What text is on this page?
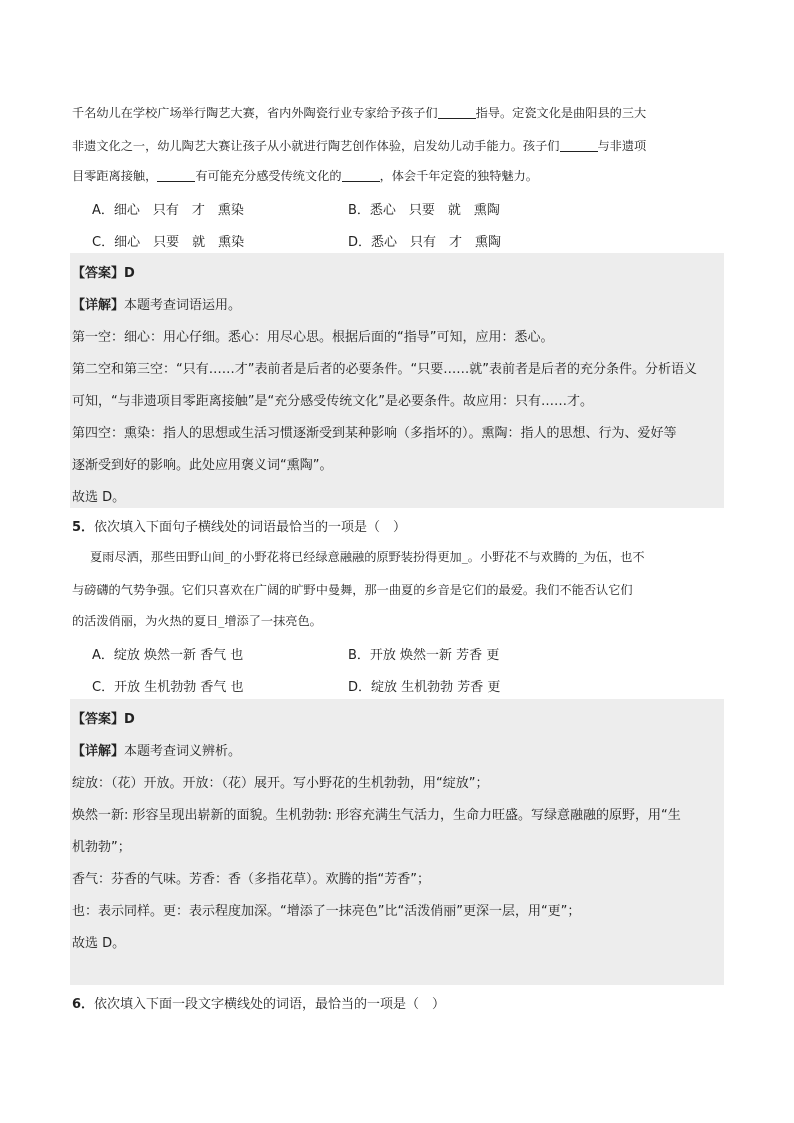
千名幼儿在学校广场举行陶艺大赛，省内外陶瓷行业专家给予孩子们	指导。定瓷文化是曲阳县的三大
非遗文化之一，幼儿陶艺大赛让孩子从小就进行陶艺创作体验，启发幼儿动手能力。孩子们	与非遗项
目零距离接触，	有可能充分感受传统文化的	，体会千年定瓷的独特魅力。
A．细心　只有　才　熏染	B．悉心　只要　就　熏陶
C．细心　只要　就　熏染	D．悉心　只有　才　熏陶
【答案】D
【详解】本题考查词语运用。
第一空：细心：用心仔细。悉心：用尽心思。根据后面的“指导”可知，应用：悉心。
第二空和第三空：“只有……才”表前者是后者的必要条件。“只要……就”表前者是后者的充分条件。分析语义
可知，“与非遗项目零距离接触”是“充分感受传统文化”是必要条件。故应用：只有……才。
第四空：熏染：指人的思想或生活习惯逐渐受到某种影响（多指坏的）。熏陶：指人的思想、行为、爱好等
逐渐受到好的影响。此处应用褒义词“熏陶”。
故选 D。
5．依次填入下面句子横线处的词语最恰当的一项是（　）
夏雨尽洒，那些田野山间_的小野花将已经绿意融融的原野装扮得更加_。小野花不与欢腾的_为伍，也不
与磅礴的气势争强。它们只喜欢在广阔的旷野中曼舞，那一曲夏的乡音是它们的最爱。我们不能否认它们
的活泼俏丽，为火热的夏日_增添了一抹亮色。
A．绽放 焕然一新 香气 也	B．开放 焕然一新 芳香 更
C．开放 生机勃勃 香气 也	D．绽放 生机勃勃 芳香 更
【答案】D
【详解】本题考查词义辨析。
绽放：（花）开放。开放：（花）展开。写小野花的生机勃勃，用“绽放”；
焕然一新: 形容呈现出崭新的面貌。生机勃勃: 形容充满生气活力，生命力旺盛。写绿意融融的原野，用“生
机勃勃”；
香气：芬香的气味。芳香：香（多指花草）。欢腾的指“芳香”；
也：表示同样。更：表示程度加深。“增添了一抹亮色”比“活泼俏丽”更深一层，用“更”；
故选 D。
6．依次填入下面一段文字横线处的词语，最恰当的一项是（　）
